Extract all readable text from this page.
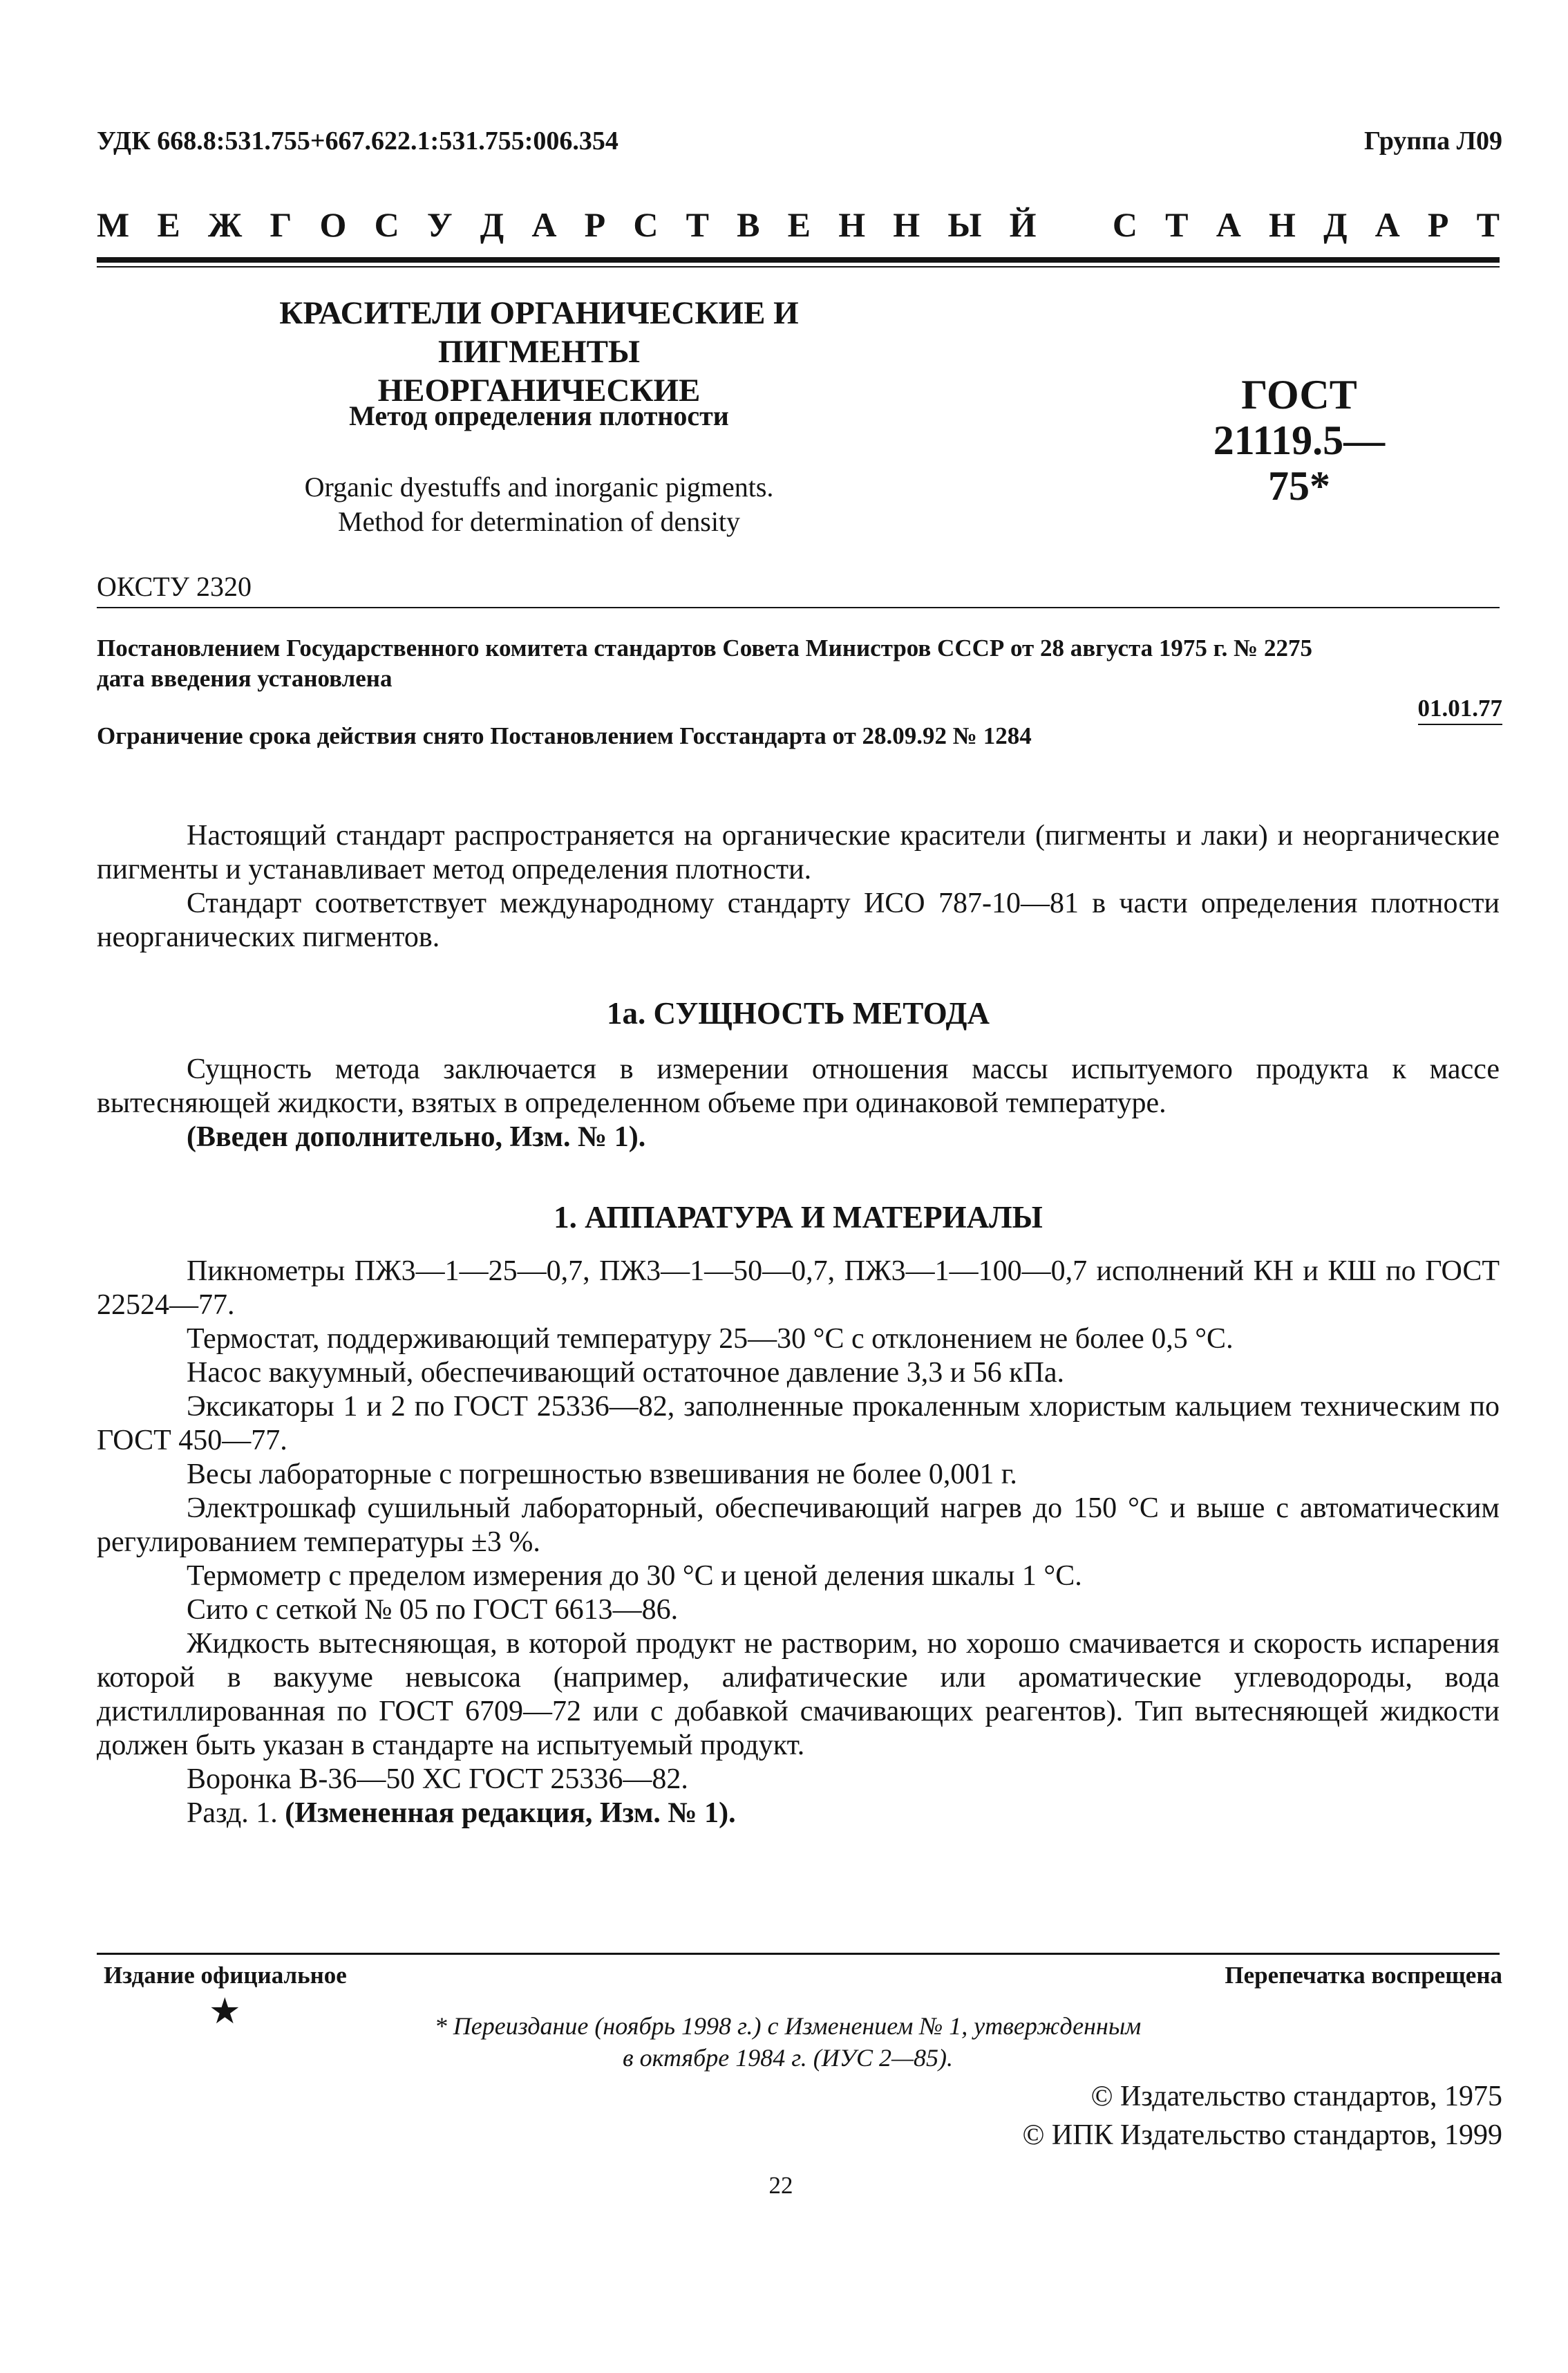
УДК 668.8:531.755+667.622.1:531.755:006.354	Группа Л09
М Е Ж Г О С У Д А Р С Т В Е Н Н Ы Й С Т А Н Д А Р Т
КРАСИТЕЛИ ОРГАНИЧЕСКИЕ И ПИГМЕНТЫ
НЕОРГАНИЧЕСКИЕ
Метод определения плотности
Organic dyestuffs and inorganic pigments.
Method for determination of density
ГОСТ
21119.5—75*
ОКСТУ 2320
Постановлением Государственного комитета стандартов Совета Министров СССР от 28 августа 1975 г. № 2275
дата введения установлена
01.01.77
Ограничение срока действия снято Постановлением Госстандарта от 28.09.92 № 1284

Настоящий стандарт распространяется на органические красители (пигменты и лаки) и неорганические пигменты и устанавливает метод определения плотности.

Стандарт соответствует международному стандарту ИСО 787-10—81 в части определения плотности неорганических пигментов.

1а. СУЩНОСТЬ МЕТОДА

Сущность метода заключается в измерении отношения массы испытуемого продукта к массе вытесняющей жидкости, взятых в определенном объеме при одинаковой температуре.

(Введен дополнительно, Изм. № 1).

1. АППАРАТУРА И МАТЕРИАЛЫ

Пикнометры ПЖ3—1—25—0,7, ПЖ3—1—50—0,7, ПЖ3—1—100—0,7 исполнений КН и КШ по ГОСТ 22524—77.

Термостат, поддерживающий температуру 25—30 °С с отклонением не более 0,5 °С.

Насос вакуумный, обеспечивающий остаточное давление 3,3 и 56 кПа.

Эксикаторы 1 и 2 по ГОСТ 25336—82, заполненные прокаленным хлористым кальцием техническим по ГОСТ 450—77.

Весы лабораторные с погрешностью взвешивания не более 0,001 г.

Электрошкаф сушильный лабораторный, обеспечивающий нагрев до 150 °С и выше с автоматическим регулированием температуры ±3 %.

Термометр с пределом измерения до 30 °С и ценой деления шкалы 1 °С.

Сито с сеткой № 05 по ГОСТ 6613—86.

Жидкость вытесняющая, в которой продукт не растворим, но хорошо смачивается и скорость испарения которой в вакууме невысока (например, алифатические или ароматические углеводороды, вода дистиллированная по ГОСТ 6709—72 или с добавкой смачивающих реагентов). Тип вытесняющей жидкости должен быть указан в стандарте на испытуемый продукт.

Воронка В-36—50 ХС ГОСТ 25336—82.

Разд. 1. (Измененная редакция, Изм. № 1).

Издание официальное	Перепечатка воспрещена
★	* Переиздание (ноябрь 1998 г.) с Изменением № 1, утвержденным
в октябре 1984 г. (ИУС 2—85).
© Издательство стандартов, 1975
© ИПК Издательство стандартов, 1999
22
